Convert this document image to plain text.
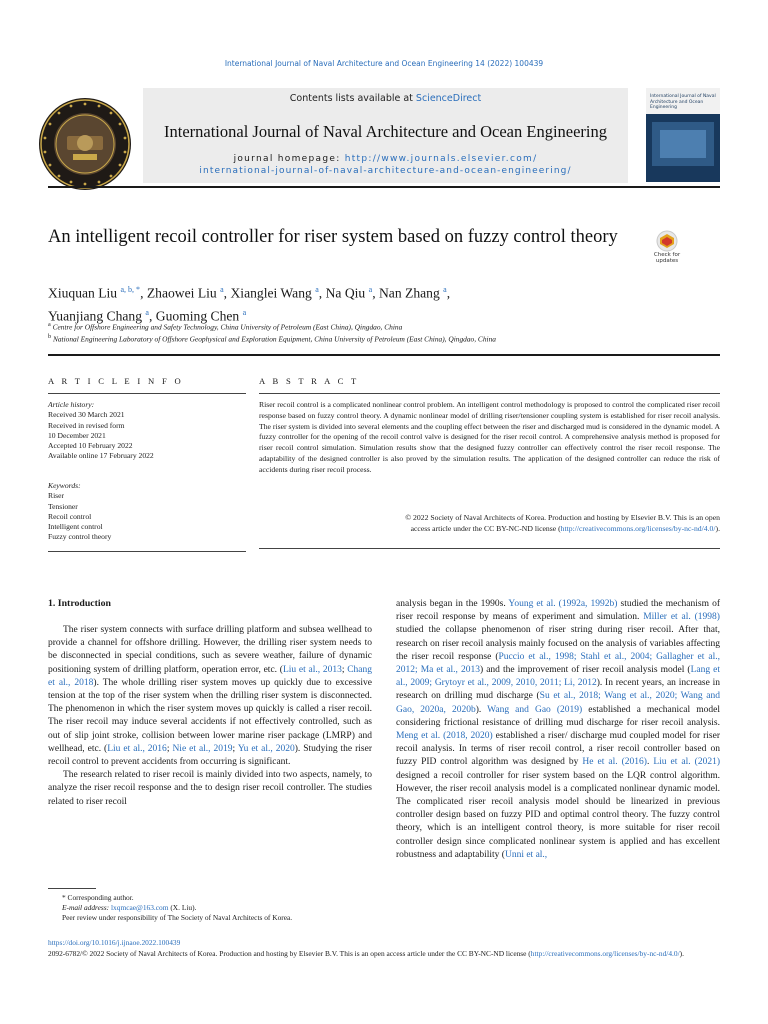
International Journal of Naval Architecture and Ocean Engineering 14 (2022) 100439
Contents lists available at ScienceDirect
International Journal of Naval Architecture and Ocean Engineering
journal homepage: http://www.journals.elsevier.com/
international-journal-of-naval-architecture-and-ocean-engineering/
International Journal of Naval Architecture and Ocean Engineering
An intelligent recoil controller for riser system based on fuzzy control theory
Check for updates
Xiuquan Liu $^{a, b, *}$, Zhaowei Liu $^a$, Xianglei Wang $^a$, Na Qiu $^a$, Nan Zhang $^a$,
Yuanjiang Chang $^a$, Guoming Chen $^a$
$^a$ Centre for Offshore Engineering and Safety Technology, China University of Petroleum (East China), Qingdao, China
$^b$ National Engineering Laboratory of Offshore Geophysical and Exploration Equipment, China University of Petroleum (East China), Qingdao, China
A R T I C L E I N F O	A B S T R A C T
Article history:
Received 30 March 2021
Received in revised form
10 December 2021
Accepted 10 February 2022
Available online 17 February 2022
Keywords:
Riser
Tensioner
Recoil control
Intelligent control
Fuzzy control theory
Riser recoil control is a complicated nonlinear control problem. An intelligent control methodology is proposed to control the complicated riser recoil response based on fuzzy control theory. A dynamic nonlinear model of drilling riser/tensioner coupling system is established for riser recoil analysis. The riser system is divided into several elements and the coupling effect between the riser and discharged mud is considered in the dynamic model. A fuzzy controller for the opening of the recoil control valve is designed for the riser recoil control. A comprehensive analysis method is proposed for riser recoil control simulation. Simulation results show that the designed fuzzy controller can effectively control the riser recoil response. The adaptability of the designed controller is also proved by the simulation results. The application of the designed controller can reduce the risk of accidents during riser recoil process.
© 2022 Society of Naval Architects of Korea. Production and hosting by Elsevier B.V. This is an open
access article under the CC BY-NC-ND license (http://creativecommons.org/licenses/by-nc-nd/4.0/).
1. Introduction

The riser system connects with surface drilling platform and subsea wellhead to provide a channel for offshore drilling. However, the drilling riser system needs to be disconnected in special conditions, such as severe weather, failure of dynamic positioning system of drilling platform, operation error, etc. (Liu et al., 2013; Chang et al., 2018). The whole drilling riser system moves up quickly due to excessive tension at the top of the riser system when the drilling riser system is disconnected. The phenomenon in which the riser system moves up quickly is called a riser recoil. The riser recoil may induce several accidents if not effectively controlled, such as out of slip joint stroke, collision between lower marine riser package (LMRP) and wellhead, etc. (Liu et al., 2016; Nie et al., 2019; Yu et al., 2020). Studying the riser recoil control to prevent accidents from occurring is significant.

The research related to riser recoil is mainly divided into two aspects, namely, to analyze the riser recoil response and the to design riser recoil controller. The studies related to riser recoil

analysis began in the 1990s. Young et al. (1992a, 1992b) studied the mechanism of riser recoil response by means of experiment and simulation. Miller et al. (1998) studied the collapse phenomenon of riser string during riser recoil. After that, research on riser recoil analysis mainly focused on the analysis of variables affecting the riser recoil response (Puccio et al., 1998; Stahl et al., 2004; Gallagher et al., 2012; Ma et al., 2013) and the improvement of riser recoil analysis model (Lang et al., 2009; Grytoyr et al., 2009, 2010, 2011; Li, 2012). In recent years, an increase in research on drilling mud discharge (Su et al., 2018; Wang et al., 2020; Wang and Gao, 2020a, 2020b). Wang and Gao (2019) established a mechanical model considering frictional resistance of drilling mud discharge for riser recoil analysis. Meng et al. (2018, 2020) established a riser/ discharge mud coupled model for riser recoil analysis. In terms of riser recoil control, a riser recoil controller based on fuzzy PID control algorithm was designed by He et al. (2016). Liu et al. (2021) designed a recoil controller for riser system based on the LQR control algorithm. However, the riser recoil analysis model is a complicated nonlinear dynamic model. The complicated riser recoil analysis model should be linearized in previous controller design based on fuzzy PID and optimal control theory. The fuzzy control theory, which is an intelligent control theory, is more suitable for riser recoil controller design since complicated nonlinear system is applied and has excellent robustness and adaptability (Unni et al.,

* Corresponding author.
E-mail address: lxqmcae@163.com (X. Liu).
Peer review under responsibility of The Society of Naval Architects of Korea.
https://doi.org/10.1016/j.ijnaoe.2022.100439
2092-6782/© 2022 Society of Naval Architects of Korea. Production and hosting by Elsevier B.V. This is an open access article under the CC BY-NC-ND license (http://creativecommons.org/licenses/by-nc-nd/4.0/).
